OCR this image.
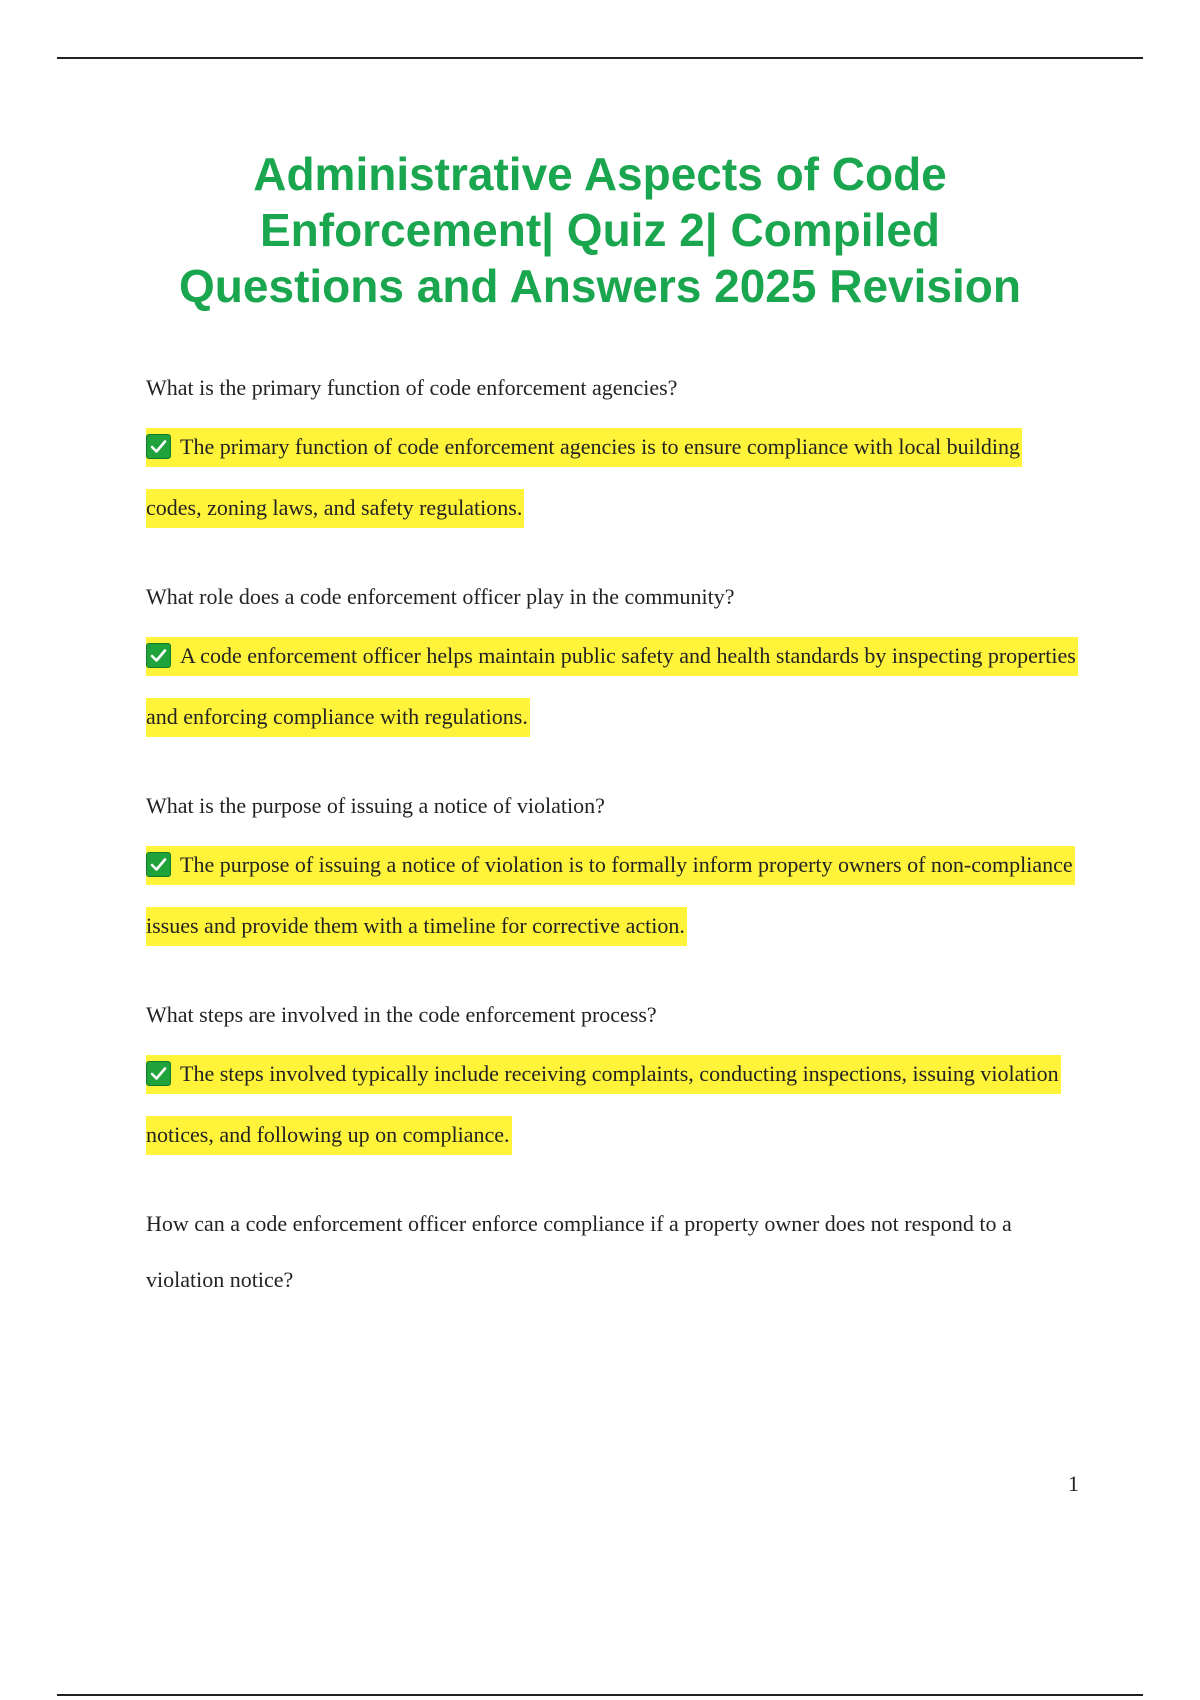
Administrative Aspects of Code Enforcement| Quiz 2| Compiled Questions and Answers 2025 Revision

What is the primary function of code enforcement agencies?

The primary function of code enforcement agencies is to ensure compliance with local building codes, zoning laws, and safety regulations.

What role does a code enforcement officer play in the community?

A code enforcement officer helps maintain public safety and health standards by inspecting properties and enforcing compliance with regulations.

What is the purpose of issuing a notice of violation?

The purpose of issuing a notice of violation is to formally inform property owners of non-compliance issues and provide them with a timeline for corrective action.

What steps are involved in the code enforcement process?

The steps involved typically include receiving complaints, conducting inspections, issuing violation notices, and following up on compliance.

How can a code enforcement officer enforce compliance if a property owner does not respond to a violation notice?

1
